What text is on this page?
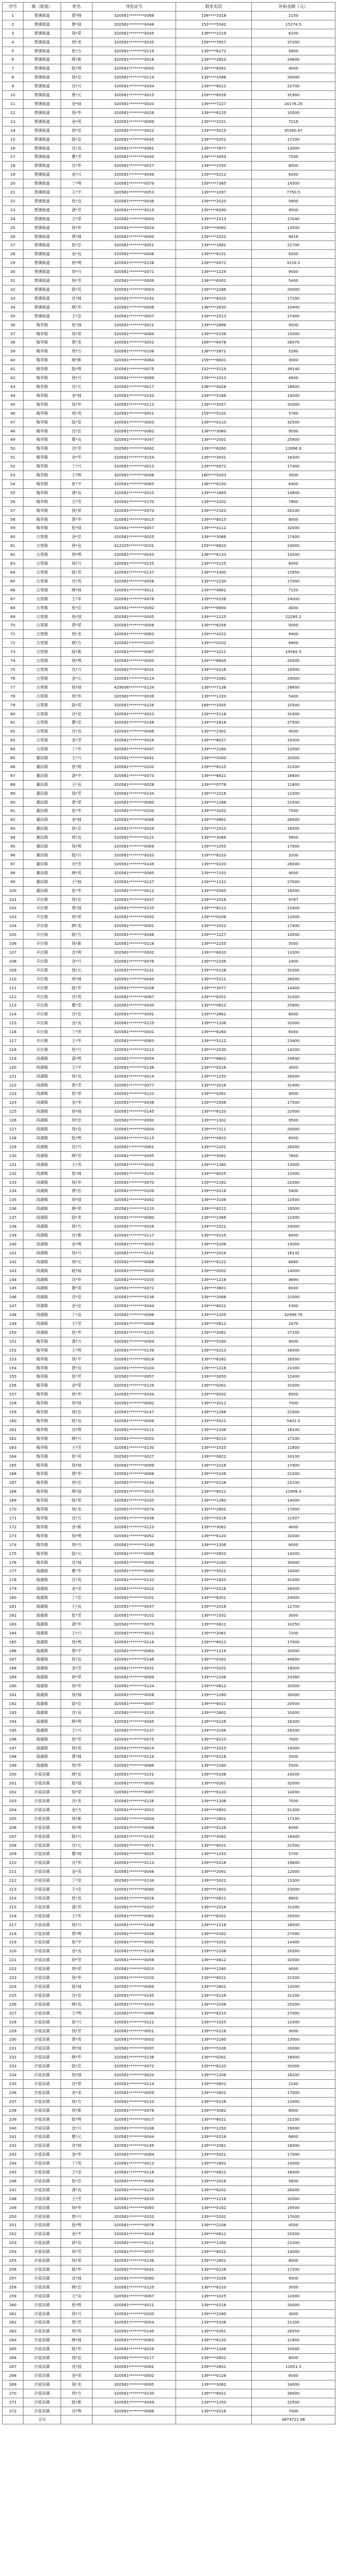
序号	镇（街道）	姓名	身份证号	联系电话	补贴金额（元）
1	碧溪街道	黄*锋	320581********0068	158****3318	2150
2	碧溪街道	曹*国	320581********0048	152****5342	15274.5
3	碧溪街道	钱*荣	320581********0045	139****2219	6200
4	碧溪街道	周*龙	320581********0035	159****7657	37200
5	碧溪街道	张*方	320581********0119	139****6272	5800
6	碧溪街道	顾*新	320581********0018	139****3822	24600
7	碧溪街道	陆*明	320581********0050	139****6261	4000
8	碧溪街道	钱*忠	320581********0114	139****1088	20000
9	碧溪街道	沈*兴	320581********0034	139****6012	22700
10	碧溪街道	黄*元	320581********0015	159****6526	31900
11	碧溪街道	金*妹	320581********0020	139****7227	24176.25
12	碧溪街道	钱*华	320581********0026	139****6125	10500
13	碧溪街道	金*英	320581********0099	139****2231	7216
14	碧溪街道	周*安	320581********0022	139****5015	35560.67
15	碧溪街道	陆*忠	320581********0045	139****0251	17200
16	碧溪街道	沈*良	320581********0061	139****7677	13000
17	碧溪街道	瞿*芳	320581********0044	139****3454	7500
18	碧溪街道	沈*华	320581********0027	139****2550	8000
19	碧溪街道	金*兴	320581********0049	139****0212	6200
20	碧溪街道	丁*明	320581********0079	159****7365	14500
21	碧溪街道	王*平	320581********0053	139****1097	7750.5
22	碧溪街道	张*良	320581********0036	139****2020	5800
23	碧溪街道	龚*芳	320581********0019	139****6200	9500
24	碧溪街道	王*荣	320581********0003	139****2213	17040
25	碧溪街道	钱*华	320581********0024	139****0062	13500
26	碧溪街道	黄*妹	320581********0094	139****2022	9418
27	碧溪街道	张*忠	320581********0051	139****1681	22700
28	碧溪街道	金*良	320581********0006	139****6151	6200
29	碧溪街道	徐*明	320581********0128	139****0072	3119.5
30	碧溪街道	周*兴	320581********0071	139****1229	9000
31	碧溪街道	钱*芳	320581********0009	138****6301	5400
32	碧溪街道	陆*英	320581********0054	139****2286	20000
33	碧溪街道	沈*妹	320581********0142	139****8320	17200
34	碧溪街道	顾*华	320581********0008	138****2630	10400
35	碧溪街道	王*忠	320581********0007	139****2513	27400
36	梅李镇	张*国	320581********0021	139****2896	9500
37	梅李镇	钱*荣	320581********0084	139****0136	15000
38	梅李镇	黄*龙	320581********0052	189****6478	28075
39	梅李镇	周*方	320581********0106	138****2871	5280
40	梅李镇	顾*新	320581********0064	159****6601	3000
41	梅李镇	陆*明	320581********0075	152****5119	39140
42	梅李镇	钱*兴	320581********0089	139****1013	4930
43	梅李镇	沈*元	320581********0017	138****4028	18600
44	梅李镇	金*妹	320581********0143	139****5166	14000
45	梅李镇	钱*华	320581********0113	139****3057	32000
46	梅李镇	周*英	320581********0051	159****5101	5760
47	梅李镇	陆*安	320581********0003	139****0110	32500
48	梅李镇	沈*忠	320581********0082	138****3060	9500
49	梅李镇	瞿*良	320581********0047	139****2001	25600
50	梅李镇	沈*芳	320581********0062	139****6260	12896.9
51	梅李镇	金*华	320581********0154	139****3031	16300
52	梅李镇	丁*兴	320581********0013	139****0072	17400
53	梅李镇	王*明	320581********0098	180****5003	3000
54	梅李镇	张*平	320581********0065	136****8100	6400
55	梅李镇	龚*良	320581********0010	139****1669	14800
56	梅李镇	王*芳	320581********0170	139****2202	7800
57	梅李镇	钱*荣	320581********0074	139****2320	26100
58	梅李镇	黄*华	320581********0015	139****8015	8000
59	梅李镇	张*妹	320581********0057	139****4112	32000
60	古里镇	金*忠	320581********0025	139****3066	17400
61	古里镇	徐*良	412325********0101	159****6620	24000
62	古里镇	周*明	320581********0043	138****6133	14500
63	古里镇	钱*兴	320581********0155	139****5125	6000
64	古里镇	陆*芳	320581********0137	139****1000	15850
65	古里镇	沈*英	320581********0058	139****2230	17000
66	古里镇	顾*妹	320581********0011	139****0661	7150
67	古里镇	王*华	320581********0078	139****0156	24000
68	古里镇	张*忠	320581********0092	139****8800	4000
69	古里镇	钱*国	320581********0005	139****2125	22285.2
70	古里镇	黄*荣	320581********0056	139****6256	5000
71	古里镇	周*龙	320581********0063	139****4222	9400
72	古里镇	顾*方	320581********0107	139****0102	8900
73	古里镇	陆*新	320581********0087	139****3211	19582.5
74	古里镇	钱*明	320581********0050	139****6605	24500
75	古里镇	沈*兴	320581********0031	139****0216	10500
76	古里镇	金*元	320581********0114	139****2082	29000
77	古里镇	钱*妹	429006********0124	139****7136	26600
78	古里镇	周*华	320581********0039	139****1220	5400
79	古里镇	陆*英	320581********0126	189****1005	10500
80	古里镇	沈*安	320581********0023	139****5118	31900
81	古里镇	瞿*忠	320581********0148	139****2616	27500
82	古里镇	沈*良	320581********0066	139****2301	4000
83	古里镇	金*芳	320581********0016	139****6027	15000
84	古里镇	丁*华	320581********0097	139****2160	12000
85	董浜镇	王*兴	320581********0041	139****5000	32000
86	董浜镇	张*明	320581********0102	139****6125	21200
87	董浜镇	龚*平	320581********0073	139****6621	16800
88	董浜镇	王*良	320581********0028	139****0778	11800
89	董浜镇	钱*芳	320581********0134	139****2216	11000
90	董浜镇	黄*荣	320581********0060	139****1266	22500
91	董浜镇	张*华	320581********0100	139****3202	7500
92	董浜镇	金*妹	320581********0086	139****0661	28000
93	董浜镇	徐*忠	320581********0029	139****2510	16000
94	董浜镇	周*良	320581********0121	139****3066	5800
95	董浜镇	钱*明	320581********0069	139****1055	17000
96	董浜镇	陆*兴	320581********0033	139****6210	3200
97	董浜镇	沈*芳	320581********0149	139****0220	26000
98	董浜镇	顾*英	320581********0085	139****7103	4000
99	董浜镇	王*妹	320581********0127	139****1222	27000
100	董浜镇	张*华	320581********0012	139****0565	18500
101	辛庄镇	钱*忠	320581********0037	139****2016	9787
102	辛庄镇	黄*国	320581********0135	139****6213	22400
103	辛庄镇	周*荣	320581********0093	139****0106	12000
104	辛庄镇	顾*龙	320581********0081	139****3322	17400
105	辛庄镇	陆*方	320581********0046	139****1227	10000
106	辛庄镇	钱*新	320581********0118	139****2255	5000
107	辛庄镇	沈*明	320581********0002	139****6033	13300
108	辛庄镇	金*兴	320581********0076	139****2106	2400
109	辛庄镇	钱*元	320581********0131	139****0128	31000
110	辛庄镇	周*妹	320581********0040	139****5211	26000
111	辛庄镇	陆*华	320581********0108	139****3077	14400
112	辛庄镇	沈*英	320581********0067	139****6201	31000
113	辛庄镇	瞿*安	320581********0030	139****0812	25800
114	辛庄镇	沈*忠	320581********0091	139****2661	8000
115	辛庄镇	金*良	320581********0125	139****1106	32000
116	辛庄镇	丁*芳	320581********0001	139****6260	6000
117	辛庄镇	王*华	320581********0083	139****5112	23400
118	辛庄镇	张*兴	320581********0112	139****2030	14200
119	尚湖镇	龚*明	320581********0059	139****6602	29640
120	尚湖镇	王*平	320581********0138	139****0216	3000
121	尚湖镇	钱*良	320581********0014	139****1250	26000
122	尚湖镇	黄*芳	320581********0077	139****3216	31400
123	尚湖镇	张*荣	320581********0122	139****0261	4000
124	尚湖镇	金*华	320581********0038	139****2506	17500
125	尚湖镇	徐*妹	320581********0145	139****6120	22000
126	尚湖镇	周*忠	320581********0090	139****1302	9500
127	尚湖镇	钱*良	320581********0004	139****7211	20000
128	尚湖镇	陆*明	320581********0115	139****0620	8500
129	尚湖镇	沈*兴	320581********0061	139****2201	26000
130	尚湖镇	顾*芳	320581********0095	139****5061	7800
131	尚湖镇	王*英	320581********0032	139****1260	13000
132	尚湖镇	张*妹	320581********0150	139****6025	12000
133	尚湖镇	钱*华	320581********0070	139****2162	22000
134	尚湖镇	黄*忠	320581********0109	139****0216	5400
135	尚湖镇	周*国	320581********0042	139****3106	13500
136	尚湖镇	顾*荣	320581********0133	139****6212	19500
137	尚湖镇	陆*龙	320581********0080	139****1066	11000
138	尚湖镇	钱*方	320581********0026	139****2521	24000
139	尚湖镇	沈*新	320581********0117	139****0125	6000
140	尚湖镇	金*明	320581********0055	139****5206	15000
141	尚湖镇	钱*兴	320581********0141	139****2016	18132
142	尚湖镇	周*元	320581********0088	139****6122	6680
143	尚湖镇	陆*妹	320581********0020	139****0502	14000
144	尚湖镇	沈*华	320581********0103	139****1216	4694
145	尚湖镇	瞿*英	320581********0072	139****3601	6000
146	尚湖镇	沈*安	320581********0136	139****2066	21000
147	尚湖镇	金*忠	320581********0044	139****6021	5300
148	尚湖镇	丁*良	320581********0096	139****1205	32999.76
149	尚湖镇	王*芳	320581********0008	139****0612	2470
150	尚湖镇	张*华	320581********0120	139****2061	27100
151	梅李镇	龚*兴	320581********0064	139****5160	9000
152	梅李镇	王*明	320581********0139	139****0213	16000
153	梅李镇	钱*平	320581********0018	139****6162	16500
154	梅李镇	黄*良	320581********0104	139****1216	21000
155	梅李镇	张*芳	320581********0057	139****2650	12400
156	梅李镇	金*荣	320581********0129	139****0261	31000
157	梅李镇	徐*华	320581********0034	139****6202	8500
158	梅李镇	周*妹	320581********0082	139****3012	7000
159	梅李镇	钱*忠	320581********0147	139****1266	21000
160	梅李镇	陆*良	320581********0009	139****0521	5401.5
161	梅李镇	沈*明	320581********0111	139****2106	18100
162	梅李镇	顾*兴	320581********0050	139****6210	17100
163	梅李镇	王*芳	320581********0130	139****1025	11800
164	梅李镇	张*英	320581********0027	139****0622	24100
165	梅李镇	钱*妹	320581********0099	139****2216	17400
166	梅李镇	黄*华	320581********0068	139****5106	21000
167	梅李镇	周*忠	320581********0144	139****0126	22100
168	梅李镇	顾*国	320581********0015	139****6021	12906.4
169	梅李镇	陆*荣	320581********0105	139****1260	14000
170	梅李镇	钱*龙	320581********0074	139****2601	17000
171	梅李镇	沈*方	320581********0036	139****0216	11507
172	梅李镇	金*新	320581********0123	139****3062	4000
173	梅李镇	钱*明	320581********0052	139****6120	32000
174	梅李镇	周*兴	320581********0140	139****1206	6000
175	梅李镇	陆*元	320581********0006	139****0652	14000
176	梅李镇	沈*妹	320581********0094	139****2160	30000
177	海虞镇	瞿*华	320581********0060	139****5021	14000
178	海虞镇	沈*英	320581********0132	139****1620	31000
179	海虞镇	金*安	320581********0022	139****0216	28000
180	海虞镇	丁*忠	320581********0101	139****6201	24000
181	海虞镇	王*良	320581********0047	139****2016	12700
182	海虞镇	张*芳	320581********0152	139****1502	3000
183	海虞镇	龚*华	320581********0079	139****0621	10250
184	海虞镇	王*兴	320581********0012	139****2061	7200
185	海虞镇	钱*明	320581********0116	139****6012	17000
186	海虞镇	黄*平	320581********0063	139****1216	32000
187	海虞镇	张*良	320581********0146	139****0162	44600
188	海虞镇	金*芳	320581********0031	139****5201	19000
189	海虞镇	徐*荣	320581********0089	139****2106	24360
190	海虞镇	周*华	320581********0124	139****0612	32000
191	海虞镇	钱*妹	320581********0058	139****1260	30000
192	海虞镇	陆*忠	320581********0007	139****6021	20500
193	海虞镇	沈*良	320581********0110	139****2601	10000
194	海虞镇	顾*明	320581********0045	139****0126	16300
195	海虞镇	王*兴	320581********0137	139****3106	26200
196	海虞镇	张*芳	320581********0075	139****6210	7000
197	海虞镇	钱*英	320581********0019	139****1025	19000
198	海虞镇	黄*妹	320581********0119	139****0216	3500
199	海虞镇	周*华	320581********0066	139****2160	5500
200	沙家浜镇	顾*忠	320581********0151	139****5106	24200
201	沙家浜镇	陆*国	320581********0030	139****0261	32000
202	沙家浜镇	钱*荣	320581********0087	139****6120	14000
203	沙家浜镇	沈*龙	320581********0126	139****1206	7500
204	沙家浜镇	金*方	320581********0053	139****0652	21300
205	沙家浜镇	钱*新	320581********0004	139****2601	17100
206	沙家浜镇	周*明	320581********0098	139****0126	6000
207	沙家浜镇	陆*兴	320581********0142	139****3062	18400
208	沙家浜镇	沈*元	320581********0071	139****6021	22500
209	沙家浜镇	瞿*妹	320581********0025	139****1250	5700
210	沙家浜镇	沈*华	320581********0113	139****0216	19800
211	沙家浜镇	金*英	320581********0048	139****2061	12000
212	沙家浜镇	丁*安	320581********0134	139****5021	13300
213	沙家浜镇	王*忠	320581********0080	139****1602	23000
214	沙家浜镇	张*良	320581********0016	139****0621	8800
215	沙家浜镇	龚*芳	320581********0107	139****2016	31000
216	沙家浜镇	王*华	320581********0062	139****6201	20000
217	沙家浜镇	钱*兴	320581********0148	139****1216	18000
218	沙家浜镇	黄*明	320581********0039	139****0162	27000
219	沙家浜镇	张*平	320581********0092	139****5201	14400
220	沙家浜镇	金*良	320581********0128	139****2106	20300
221	沙家浜镇	徐*芳	320581********0056	139****0612	32000
222	沙家浜镇	周*荣	320581********0010	139****1260	4000
223	沙家浜镇	钱*华	320581********0102	139****6021	21000
224	沙家浜镇	陆*妹	320581********0069	139****2601	13000
225	沙家浜镇	沈*忠	320581********0145	139****0126	31200
226	沙家浜镇	顾*良	320581********0033	139****3106	25000
227	沙家浜镇	王*明	320581********0086	139****6210	27000
228	沙家浜镇	张*兴	320581********0121	139****1025	11000
229	沙家浜镇	钱*芳	320581********0051	139****0216	3000
230	沙家浜镇	黄*英	320581********0003	139****2160	13000
231	沙家浜镇	周*妹	320581********0097	139****5106	20000
232	沙家浜镇	顾*华	320581********0138	139****0261	18000
233	沙家浜镇	陆*忠	320581********0072	139****6120	32000
234	沙家浜镇	钱*国	320581********0020	139****1206	18200
235	沙家浜镇	沈*荣	320581********0114	139****0652	2240
236	沙家浜镇	金*龙	320581********0059	139****2601	17000
237	沙家浜镇	钱*方	320581********0133	139****0126	13400
238	沙家浜镇	周*新	320581********0078	139****3062	8000
239	沙家浜镇	陆*明	320581********0027	139****6021	22100
240	沙家浜镇	沈*兴	320581********0106	139****1250	29000
241	沙家浜镇	瞿*元	320581********0044	139****0216	6800
242	沙家浜镇	沈*妹	320581********0149	139****2061	18000
243	沙家浜镇	金*华	320581********0084	139****5021	17000
244	沙家浜镇	丁*英	320581********0013	139****1602	10000
245	沙家浜镇	王*安	320581********0118	139****0621	16000
246	沙家浜镇	张*忠	320581********0065	139****2016	5600
247	沙家浜镇	龚*良	320581********0129	139****6201	26000
248	沙家浜镇	王*芳	320581********0035	139****1216	32000
249	沙家浜镇	钱*华	320581********0093	139****0162	19500
250	沙家浜镇	黄*兴	320581********0153	139****5201	17000
251	沙家浜镇	张*明	320581********0076	139****2106	4500
252	沙家浜镇	金*平	320581********0018	139****0612	25500
253	沙家浜镇	徐*良	320581********0111	139****1260	21000
254	沙家浜镇	周*芳	320581********0057	139****6021	14000
255	沙家浜镇	钱*荣	320581********0136	139****2601	8000
256	沙家浜镇	陆*华	320581********0041	139****0126	17200
257	沙家浜镇	沈*妹	320581********0090	139****3106	9500
258	沙家浜镇	顾*忠	320581********0125	139****6210	3000
259	沙家浜镇	王*良	320581********0067	139****1025	12000
260	沙家浜镇	张*明	320581********0011	139****0216	20000
261	沙家浜镇	钱*兴	320581********0100	139****2160	3000
262	沙家浜镇	黄*芳	320581********0054	139****5106	21200
263	沙家浜镇	周*英	320581********0140	139****0261	28550
264	沙家浜镇	顾*妹	320581********0083	139****6120	11600
265	沙家浜镇	陆*华	320581********0029	139****1206	10000
266	沙家浜镇	钱*忠	320581********0117	139****0652	8000
267	沙家浜镇	沈*国	320581********0061	139****2601	12651.5
268	沙家浜镇	金*荣	320581********0002	139****0126	6000
269	沙家浜镇	钱*龙	320581********0095	139****3062	14000
270	沙家浜镇	周*方	320581********0130	139****6021	28000
271	沙家浜镇	陆*新	320581********0049	139****1250	22500
272	沙家浜镇	沈*明	320581********0088	139****0216	7000
	合计				4874721.96
